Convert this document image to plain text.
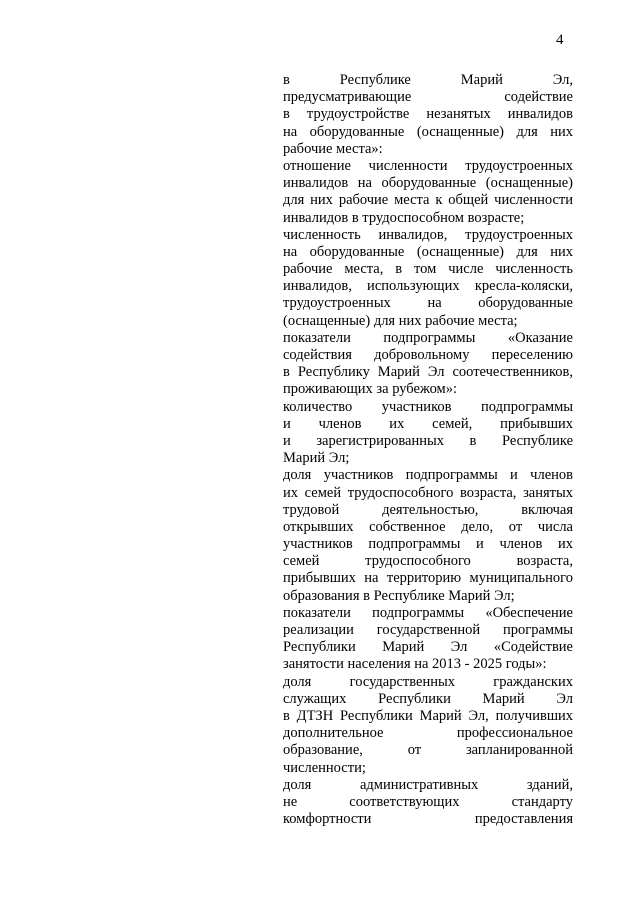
4
в Республике Марий Эл,
предусматривающие содействие
в трудоустройстве незанятых инвалидов
на оборудованные (оснащенные) для них
рабочие места»:
отношение численности трудоустроенных
инвалидов на оборудованные (оснащенные)
для них рабочие места к общей численности
инвалидов в трудоспособном возрасте;
численность инвалидов, трудоустроенных
на оборудованные (оснащенные) для них
рабочие места, в том числе численность
инвалидов, использующих кресла-коляски,
трудоустроенных на оборудованные
(оснащенные) для них рабочие места;
показатели подпрограммы «Оказание
содействия добровольному переселению
в Республику Марий Эл соотечественников,
проживающих за рубежом»:
количество участников подпрограммы
и членов их семей, прибывших
и зарегистрированных в Республике
Марий Эл;
доля участников подпрограммы и членов
их семей трудоспособного возраста, занятых
трудовой деятельностью, включая
открывших собственное дело, от числа
участников подпрограммы и членов их
семей трудоспособного возраста,
прибывших на территорию муниципального
образования в Республике Марий Эл;
показатели подпрограммы «Обеспечение
реализации государственной программы
Республики Марий Эл «Содействие
занятости населения на 2013 - 2025 годы»:
доля государственных гражданских
служащих Республики Марий Эл
в ДТЗН Республики Марий Эл, получивших
дополнительное профессиональное
образование, от запланированной
численности;
доля административных зданий,
не соответствующих стандарту
комфортности предоставления
